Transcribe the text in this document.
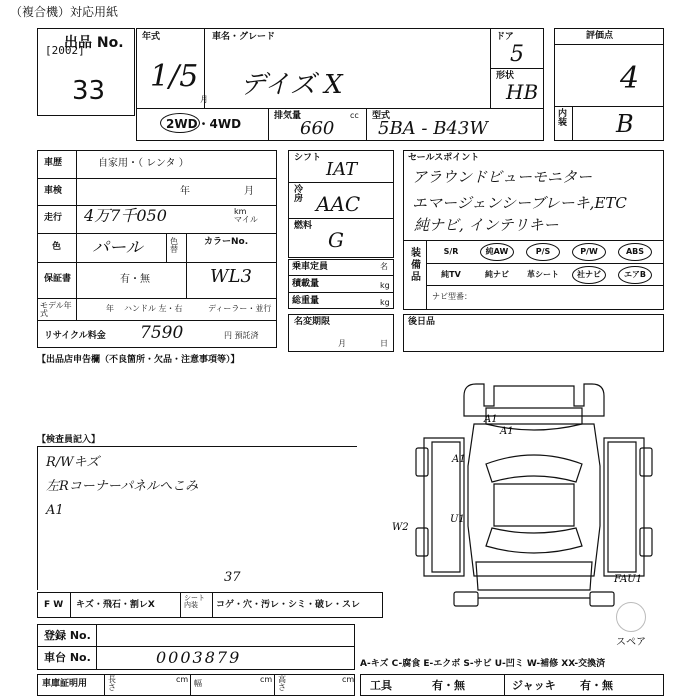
（複合機）対応用紙
出品 No.
[2002]
33
年式
1/5
月
車名・グレード
デイズ X
ドア
5
形状
HB
2WD・4WD
排気量
660
cc 型式
5BA - B43W
評価点
4
内装 B
車歴	自家用・（ レンタ ）
車検	年	月
走行 4万7千050	km
マイル
色 パール	色替
カラーNo.
保証書	有・無	WL3
モデル年式
年 ハンドル 左・右	ディーラー・並行
リサイクル料金 7590	円 預託済
シフト
IAT
冷房 AAC
燃料
G
乗車定員	名
積載量	kg
総重量	kg
名変期限
月	日
セールスポイント
アラウンドビューモニター
エマージェンシーブレーキ,ETC
純ナビ, インテリキー
装備品
S/R	純AW	P/S	P/W	ABS
純TV	純ナビ	革シート	社ナビ	エアB
ナビ型番：
後日品
【出品店申告欄（不良箇所・欠品・注意事項等）】
【検査員記入】
R/Wキズ
左Rコーナーパネルへこみ
A1
F W キズ・飛石・割レX
シート内装	コゲ・穴・汚レ・シミ・破レ・スレ
37
登録 No.
車台 No.	0003879
車庫証明用	長さ
cm 幅	cm 高さ
cm
A-キズ C-腐食 E-エクボ S-サビ U-凹ミ W-補修 XX-交換済
工具	有・無	ジャッキ 有・無
スペア
A1
A1
A1
U1
W2
FAU1
